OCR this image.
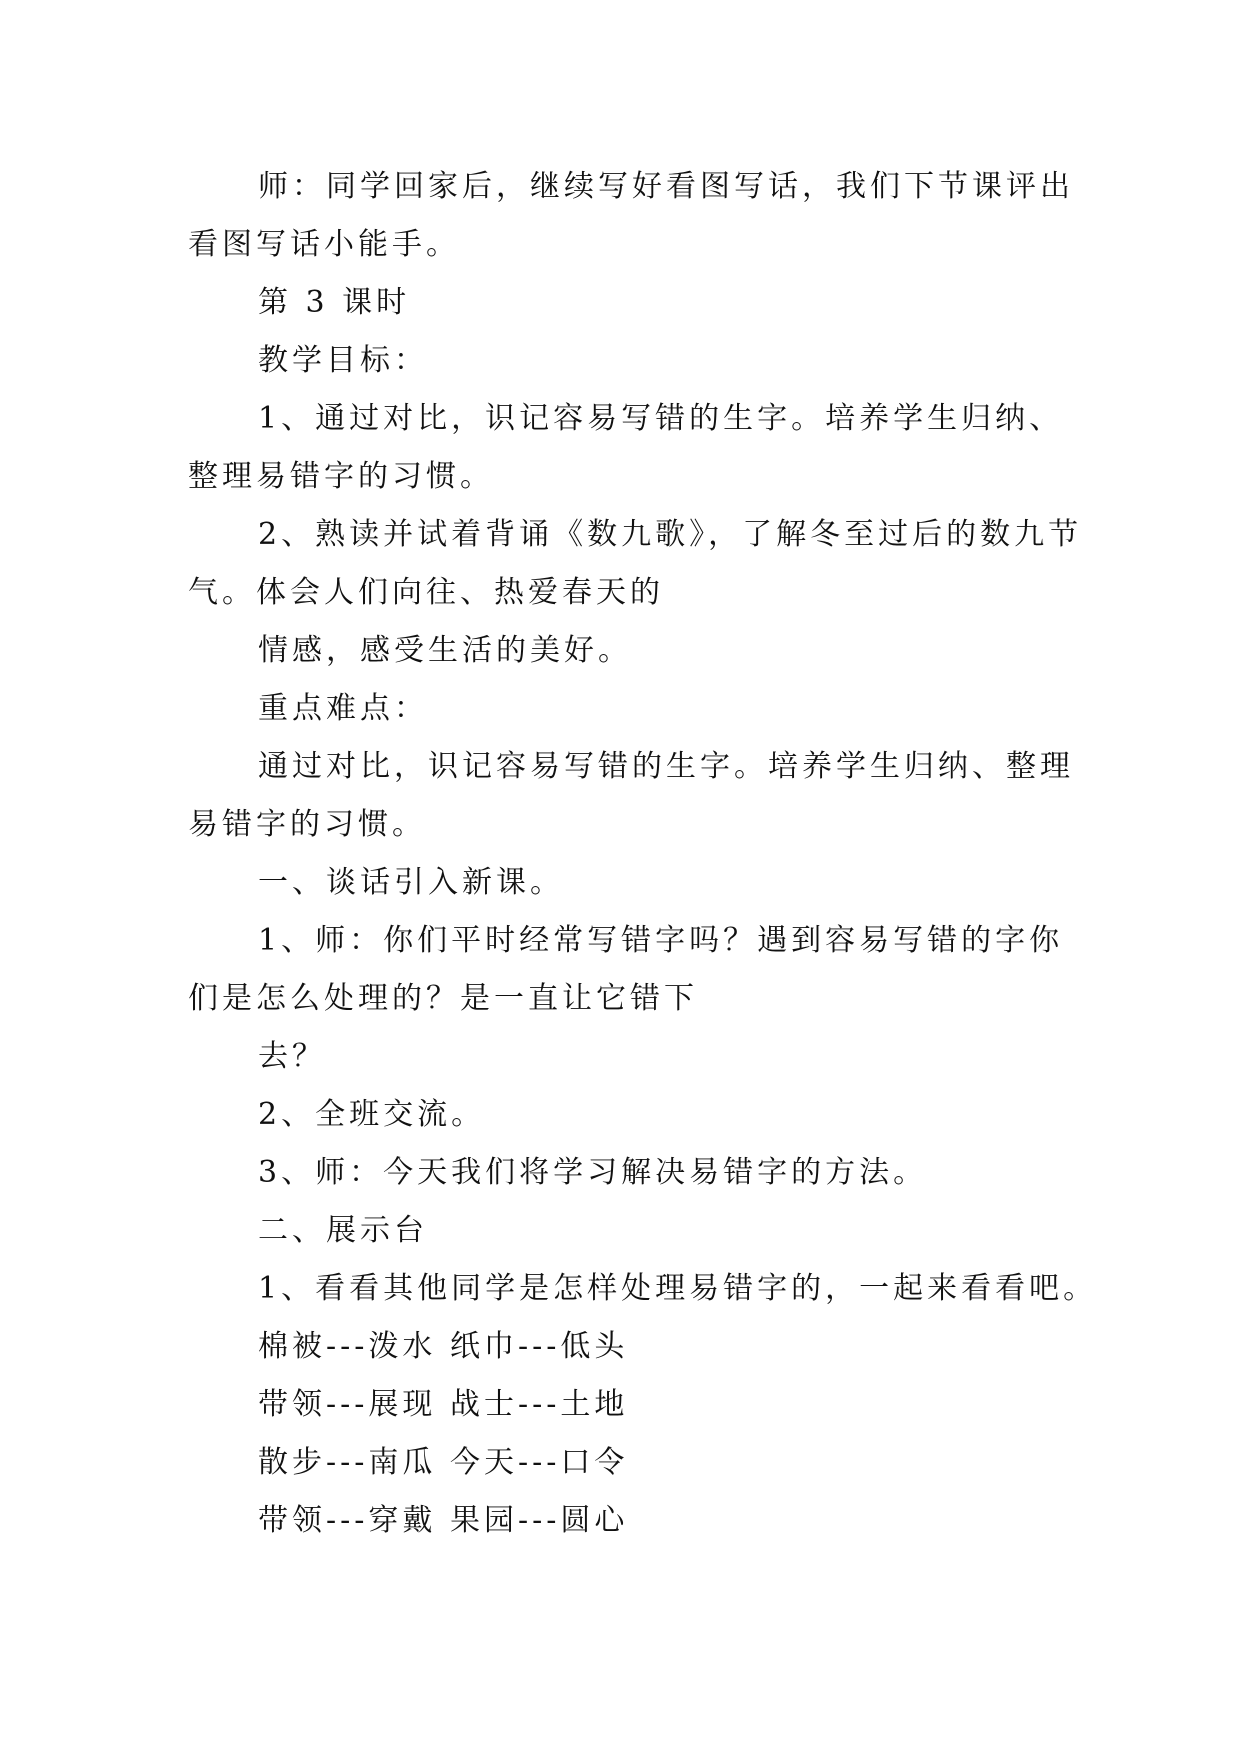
师：同学回家后，继续写好看图写话，我们下节课评出
看图写话小能手。
第 3 课时
教学目标：
1、通过对比，识记容易写错的生字。培养学生归纳、
整理易错字的习惯。
2、熟读并试着背诵《数九歌》，了解冬至过后的数九节
气。体会人们向往、热爱春天的
情感，感受生活的美好。
重点难点：
通过对比，识记容易写错的生字。培养学生归纳、整理
易错字的习惯。
一、谈话引入新课。
1、师：你们平时经常写错字吗？遇到容易写错的字你
们是怎么处理的？是一直让它错下
去？
2、全班交流。
3、师：今天我们将学习解决易错字的方法。
二、展示台
1、看看其他同学是怎样处理易错字的，一起来看看吧。
棉被---泼水 纸巾---低头
带领---展现 战士---土地
散步---南瓜 今天---口令
带领---穿戴 果园---圆心
